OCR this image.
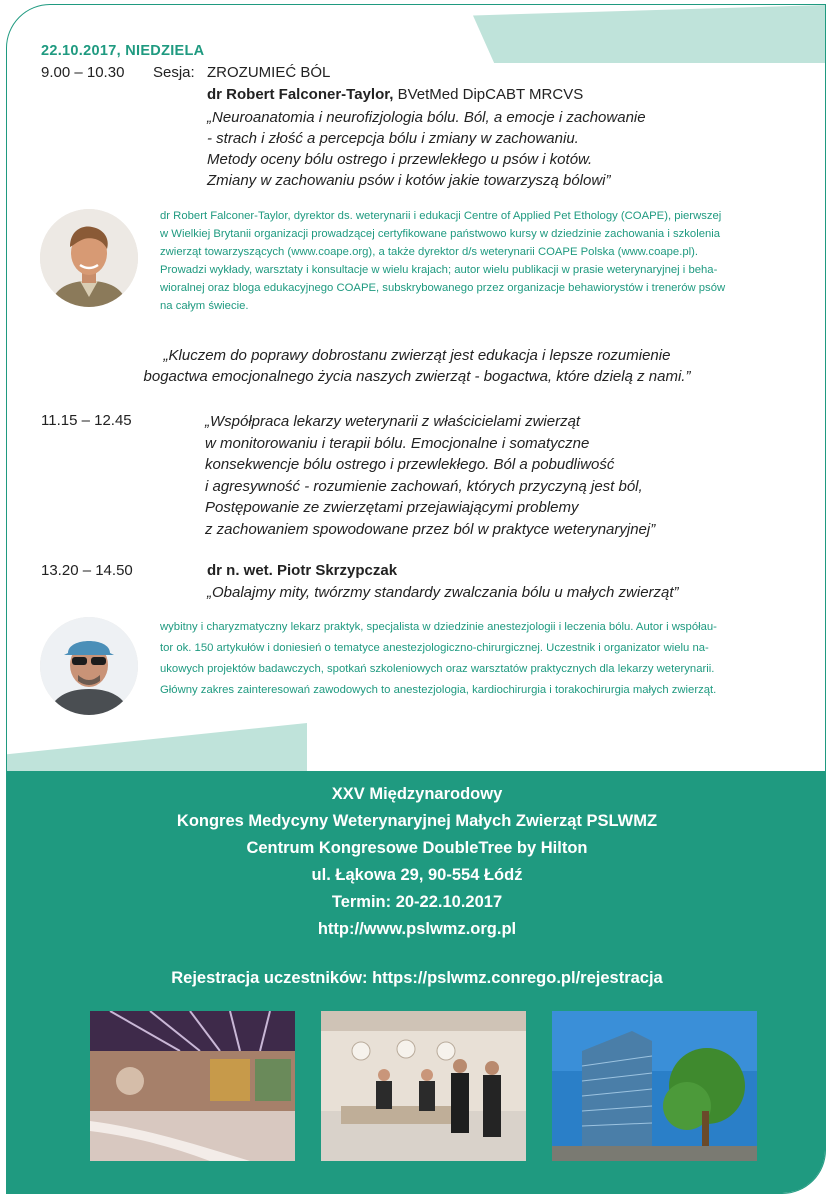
22.10.2017, NIEDZIELA
9.00 – 10.30 Sesja: ZROZUMIEĆ BÓL
dr Robert Falconer-Taylor, BVetMed DipCABT MRCVS
„Neuroanatomia i neurofizjologia bólu. Ból, a emocje i zachowanie
- strach i złość a percepcja bólu i zmiany w zachowaniu.
Metody oceny bólu ostrego i przewlekłego u psów i kotów.
Zmiany w zachowaniu psów i kotów jakie towarzyszą bólowi”
dr Robert Falconer-Taylor, dyrektor ds. weterynarii i edukacji Centre of Applied Pet Ethology (COAPE), pierwszej
w Wielkiej Brytanii organizacji prowadzącej certyfikowane państwowo kursy w dziedzinie zachowania i szkolenia
zwierząt towarzyszących (www.coape.org), a także dyrektor d/s weterynarii COAPE Polska (www.coape.pl).
Prowadzi wykłady, warsztaty i konsultacje w wielu krajach; autor wielu publikacji w prasie weterynaryjnej i beha-
wioralnej oraz bloga edukacyjnego COAPE, subskrybowanego przez organizacje behawiorystów i trenerów psów
na całym świecie.
„Kluczem do poprawy dobrostanu zwierząt jest edukacja i lepsze rozumienie
bogactwa emocjonalnego życia naszych zwierząt - bogactwa, które dzielą z nami.”
11.15 – 12.45	„Współpraca lekarzy weterynarii z właścicielami zwierząt
w monitorowaniu i terapii bólu. Emocjonalne i somatyczne
konsekwencje bólu ostrego i przewlekłego. Ból a pobudliwość
i agresywność - rozumienie zachowań, których przyczyną jest ból,
Postępowanie ze zwierzętami przejawiającymi problemy
z zachowaniem spowodowane przez ból w praktyce weterynaryjnej”
13.20 – 14.50	dr n. wet. Piotr Skrzypczak
„Obalajmy mity, twórzmy standardy zwalczania bólu u małych zwierząt”
wybitny i charyzmatyczny lekarz praktyk, specjalista w dziedzinie anestezjologii i leczenia bólu. Autor i współau-
tor ok. 150 artykułów i doniesień o tematyce anestezjologiczno-chirurgicznej. Uczestnik i organizator wielu na-
ukowych projektów badawczych, spotkań szkoleniowych oraz warsztatów praktycznych dla lekarzy weterynarii.
Główny zakres zainteresowań zawodowych to anestezjologia, kardiochirurgia i torakochirurgia małych zwierząt.
XXV Międzynarodowy
Kongres Medycyny Weterynaryjnej Małych Zwierząt PSLWMZ
Centrum Kongresowe DoubleTree by Hilton
ul. Łąkowa 29, 90-554 Łódź
Termin: 20-22.10.2017
http://www.pslwmz.org.pl
Rejestracja uczestników: https://pslwmz.conrego.pl/rejestracja
